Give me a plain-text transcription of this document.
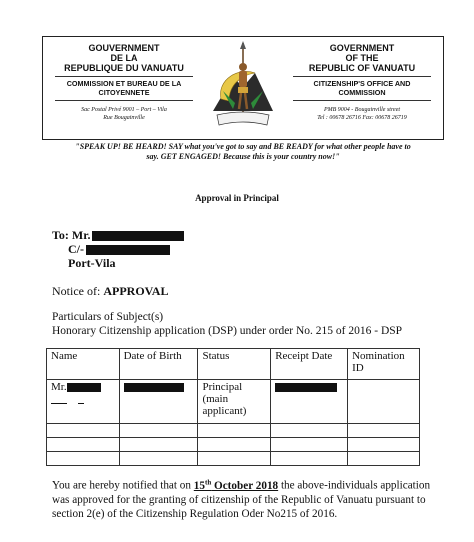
GOUVERNMENT
DE LA
REPUBLIQUE DU VANUATU
COMMISSION ET BUREAU DE LA
CITOYENNETE
Sac Postal Privé 9001 – Port – Vila
Rue Bougainville
GOVERNMENT
OF THE
REPUBLIC OF VANUATU
CITIZENSHIP'S OFFICE AND
COMMISSION
PMB 9004 - Bougainville street
Tel : 00678 26716 Fax: 00678 26719
"SPEAK UP! BE HEARD! SAY what you've got to say and BE READY for what other people have to
say. GET ENGAGED! Because this is your country now!"
Approval in Principal
To: Mr.
C/-
Port-Vila
Notice of: APPROVAL
Particulars of Subject(s)
Honorary Citizenship application (DSP) under order No. 215 of 2016 - DSP
Name	Date of Birth	Status	Receipt Date	Nomination ID
Mr.		Principal (main applicant)		

You are hereby notified that on 15th October 2018 the above-individuals application was approved for the granting of citizenship of the Republic of Vanuatu pursuant to section 2(e) of the Citizenship Regulation Oder No215 of 2016.
